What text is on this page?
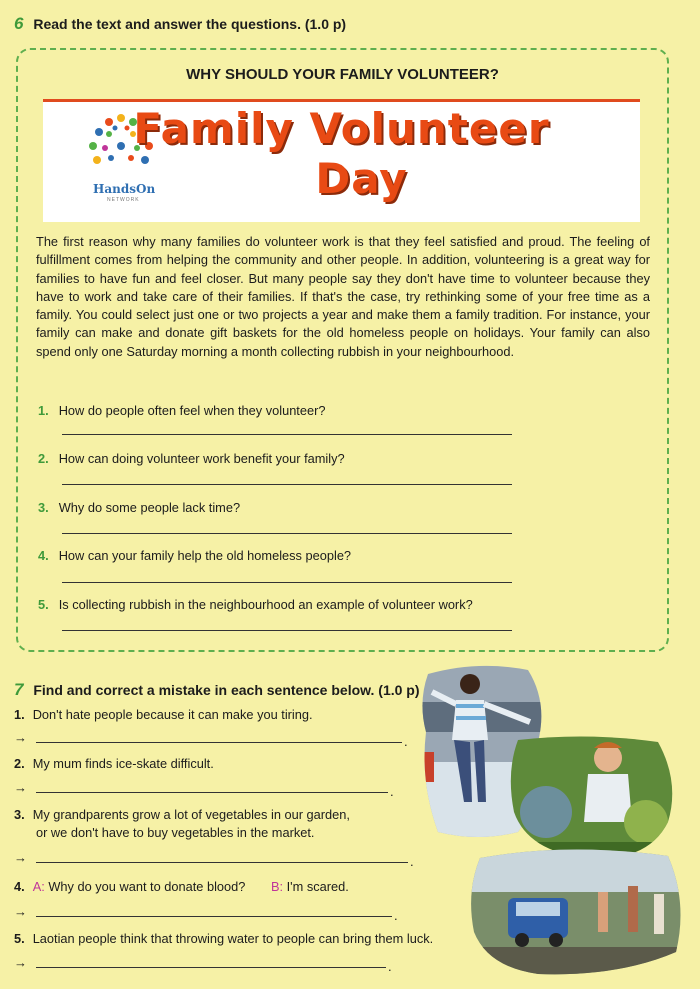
6 Read the text and answer the questions. (1.0 p)
WHY SHOULD YOUR FAMILY VOLUNTEER?
HandsOn
NETWORK
Family Volunteer
Day
The first reason why many families do volunteer work is that they feel satisfied and proud. The feeling of fulfillment comes from helping the community and other people. In addition, volunteering is a great way for families to have fun and feel closer. But many people say they don't have time to volunteer because they have to work and take care of their families. If that's the case, try rethinking some of your free time as a family. You could select just one or two projects a year and make them a family tradition. For instance, your family can make and donate gift baskets for the old homeless people on holidays. Your family can also spend only one Saturday morning a month collecting rubbish in your neighbourhood.
1. How do people often feel when they volunteer?
2. How can doing volunteer work benefit your family?
3. Why do some people lack time?
4. How can your family help the old homeless people?
5. Is collecting rubbish in the neighbourhood an example of volunteer work?
7 Find and correct a mistake in each sentence below. (1.0 p)
1. Don't hate people because it can make you tiring.
→	.
2. My mum finds ice-skate difficult.
→	.
3. My grandparents grow a lot of vegetables in our garden,
or we don't have to buy vegetables in the market.
→	.
4. A: Why do you want to donate blood? B: I'm scared.
→	.
5. Laotian people think that throwing water to people can bring them luck.
→	.
